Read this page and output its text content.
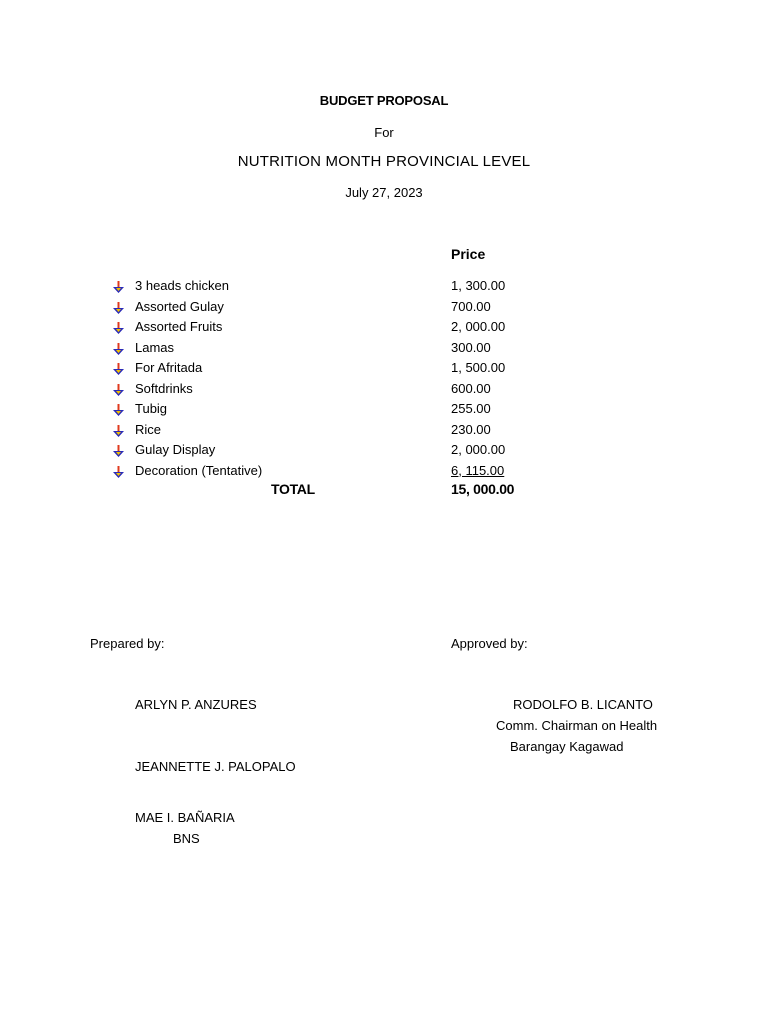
BUDGET PROPOSAL
For
NUTRITION MONTH PROVINCIAL LEVEL
July 27, 2023
Price
3 heads chicken	1, 300.00
Assorted Gulay	700.00
Assorted Fruits	2, 000.00
Lamas	300.00
For Afritada	1, 500.00
Softdrinks	600.00
Tubig	255.00
Rice	230.00
Gulay Display	2, 000.00
Decoration (Tentative)	6, 115.00
TOTAL	15, 000.00
Prepared by:	Approved by:
ARLYN P. ANZURES
JEANNETTE J. PALOPALO
MAE I. BAÑARIA
BNS
RODOLFO B. LICANTO
Comm. Chairman on Health
Barangay Kagawad
